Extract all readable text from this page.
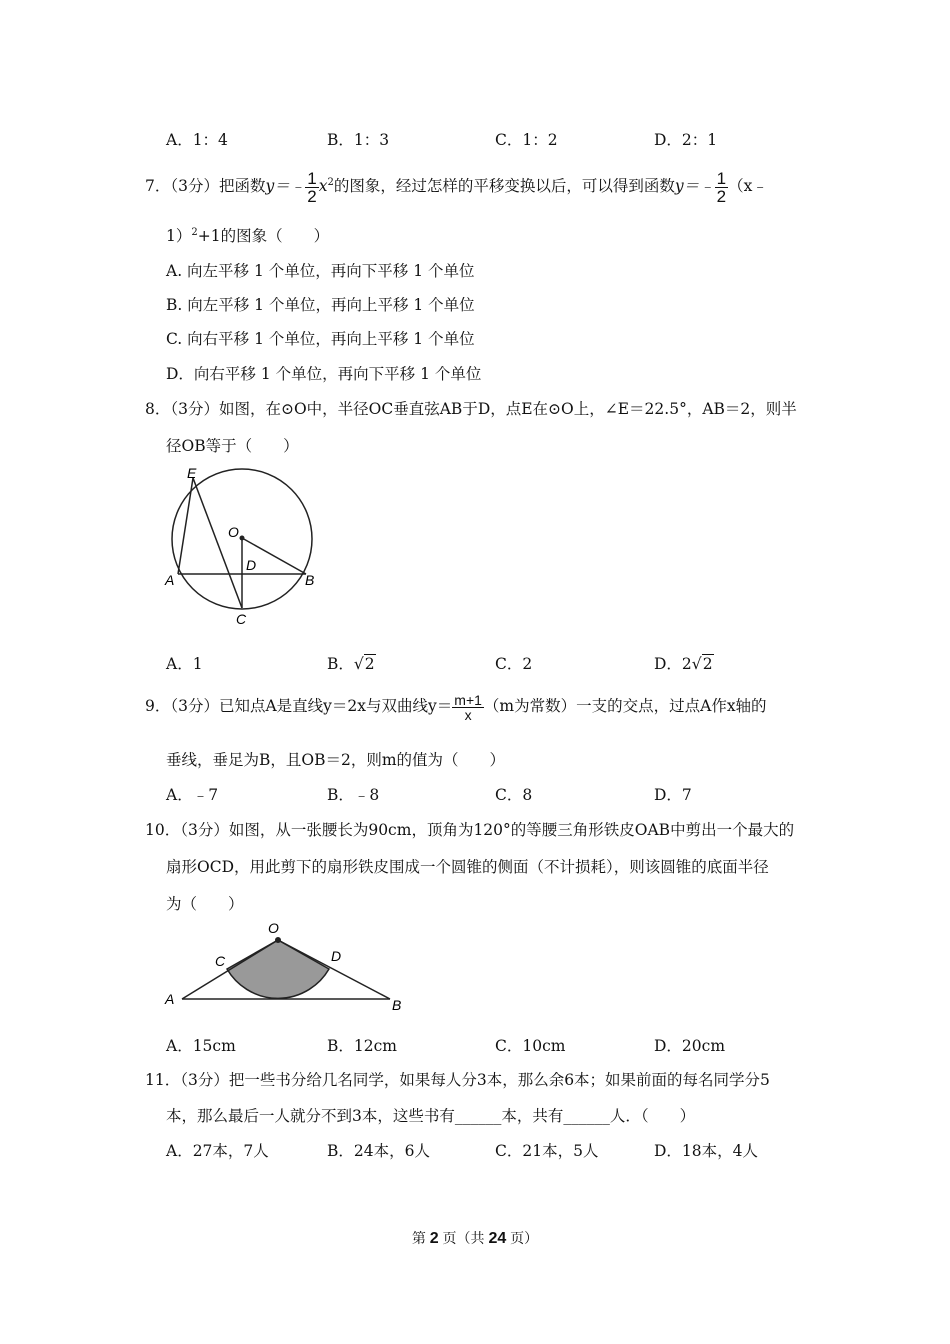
A．1：4	B．1：3	C．1：2	D．2：1
7．（3分）把函数y＝﹣ $\frac{1}{2} x^2$的图象，经过怎样的平移变换以后，可以得到函数y＝﹣ $\frac{1}{2}$ （x﹣
1）$^2$+1的图象（　　）
A. 向左平移 1 个单位，再向下平移 1 个单位
B. 向左平移 1 个单位，再向上平移 1 个单位
C. 向右平移 1 个单位，再向上平移 1 个单位
D．向右平移 1 个单位，再向下平移 1 个单位
8．（3分）如图，在⊙O中，半径OC垂直弦AB于D，点E在⊙O上，∠E＝22.5°，AB＝2，则半
径OB等于（　　）
E
O
D
A	B
C
A．1	B．√2	C．2	D．2√2
9．（3分）已知点A是直线y＝2x与双曲线$y= \frac{m+1}{x} (m$为常数）一支的交点，过点A作x轴的
垂线，垂足为B，且OB＝2，则m的值为（　　）
A．﹣7	B．﹣8	C．8	D．7
10．（3分）如图，从一张腰长为90cm，顶角为120°的等腰三角形铁皮OAB中剪出一个最大的
扇形OCD，用此剪下的扇形铁皮围成一个圆锥的侧面（不计损耗），则该圆锥的底面半径
为（　　）
O
C	D
A	B
A．15cm	B．12cm	C．10cm	D．20cm
11．（3分）把一些书分给几名同学，如果每人分3本，那么余6本；如果前面的每名同学分5
本，那么最后一人就分不到3本，这些书有______本，共有______人．（　　）
A．27本，7人	B．24本，6人	C．21本，5人	D．18本，4人
第 2 页（共 24 页）
